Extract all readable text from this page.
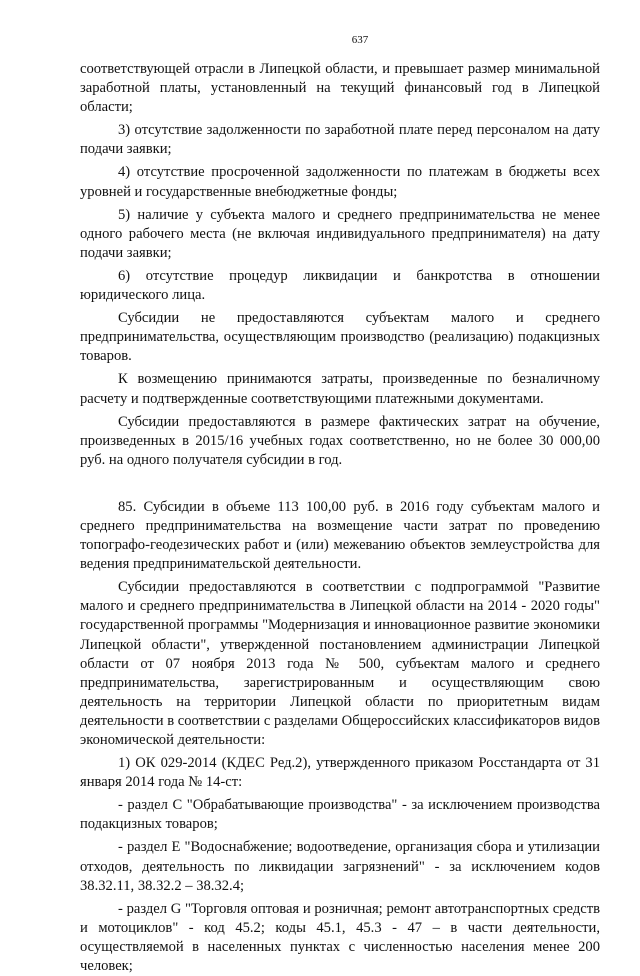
637

соответствующей отрасли в Липецкой области, и превышает размер минимальной заработной платы, установленный на текущий финансовый год в Липецкой области;

3) отсутствие задолженности по заработной плате перед персоналом на дату подачи заявки;

4) отсутствие просроченной задолженности по платежам в бюджеты всех уровней и государственные внебюджетные фонды;

5) наличие у субъекта малого и среднего предпринимательства не менее одного рабочего места (не включая индивидуального предпринимателя) на дату подачи заявки;

6) отсутствие процедур ликвидации и банкротства в отношении юридического лица.

Субсидии не предоставляются субъектам малого и среднего предпринимательства, осуществляющим производство (реализацию) подакцизных товаров.

К возмещению принимаются затраты, произведенные по безналичному расчету и подтвержденные соответствующими платежными документами.

Субсидии предоставляются в размере фактических затрат на обучение, произведенных в 2015/16 учебных годах соответственно, но не более 30 000,00 руб. на одного получателя субсидии в год.

85. Субсидии в объеме 113 100,00 руб. в 2016 году субъектам малого и среднего предпринимательства на возмещение части затрат по проведению топографо-геодезических работ и (или) межеванию объектов землеустройства для ведения предпринимательской деятельности.

Субсидии предоставляются в соответствии с подпрограммой "Развитие малого и среднего предпринимательства в Липецкой области на 2014 - 2020 годы" государственной программы "Модернизация и инновационное развитие экономики Липецкой области", утвержденной постановлением администрации Липецкой области от 07 ноября 2013 года № 500, субъектам малого и среднего предпринимательства, зарегистрированным и осуществляющим свою деятельность на территории Липецкой области по приоритетным видам деятельности в соответствии с разделами Общероссийских классификаторов видов экономической деятельности:

1) ОК 029-2014 (КДЕС Ред.2), утвержденного приказом Росстандарта от 31 января 2014 года № 14-ст:

- раздел С "Обрабатывающие производства" - за исключением производства подакцизных товаров;

- раздел Е "Водоснабжение; водоотведение, организация сбора и утилизации отходов, деятельность по ликвидации загрязнений" - за исключением кодов 38.32.11, 38.32.2 – 38.32.4;

- раздел G "Торговля оптовая и розничная; ремонт автотранспортных средств и мотоциклов" - код 45.2; коды 45.1, 45.3 - 47 – в части деятельности, осуществляемой в населенных пунктах с численностью населения менее 200 человек;
